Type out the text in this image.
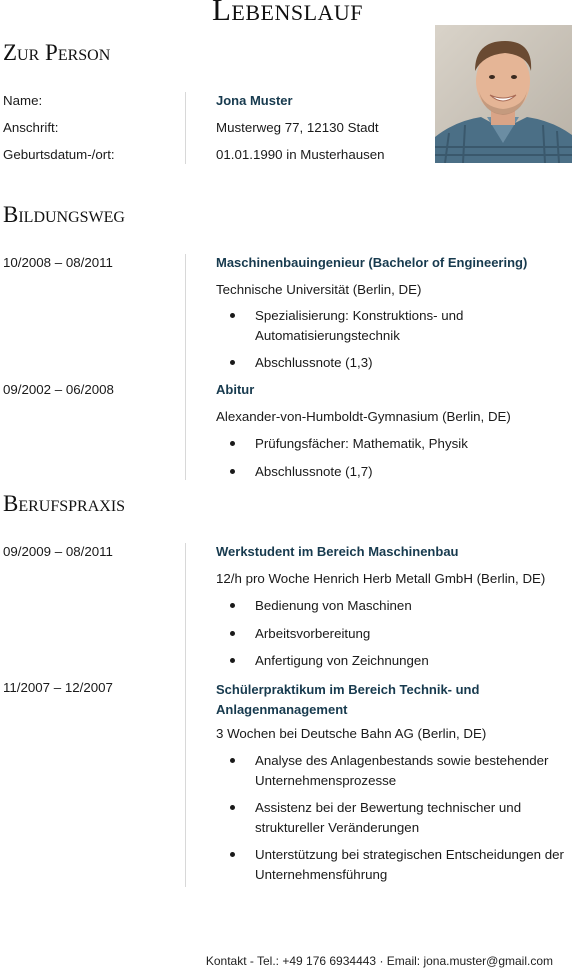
Lebenslauf
Zur Person
Name:	Jona Muster
Anschrift:	Musterweg 77, 12130 Stadt
Geburtsdatum-/ort:	01.01.1990 in Musterhausen
Bildungsweg
10/2008 – 08/2011	Maschinenbauingenieur (Bachelor of Engineering)
Technische Universität (Berlin, DE)
Spezialisierung: Konstruktions- und Automatisierungstechnik
Abschlussnote (1,3)
09/2002 – 06/2008	Abitur
Alexander-von-Humboldt-Gymnasium (Berlin, DE)
Prüfungsfächer: Mathematik, Physik
Abschlussnote (1,7)
Berufspraxis
09/2009 – 08/2011	Werkstudent im Bereich Maschinenbau
12/h pro Woche Henrich Herb Metall GmbH (Berlin, DE)
Bedienung von Maschinen
Arbeitsvorbereitung
Anfertigung von Zeichnungen
11/2007 – 12/2007	Schülerpraktikum im Bereich Technik- und Anlagenmanagement
3 Wochen bei Deutsche Bahn AG (Berlin, DE)
Analyse des Anlagenbestands sowie bestehender Unternehmensprozesse
Assistenz bei der Bewertung technischer und struktureller Veränderungen
Unterstützung bei strategischen Entscheidungen der Unternehmensführung
Kontakt - Tel.: +49 176 6934443 · Email: jona.muster@gmail.com
